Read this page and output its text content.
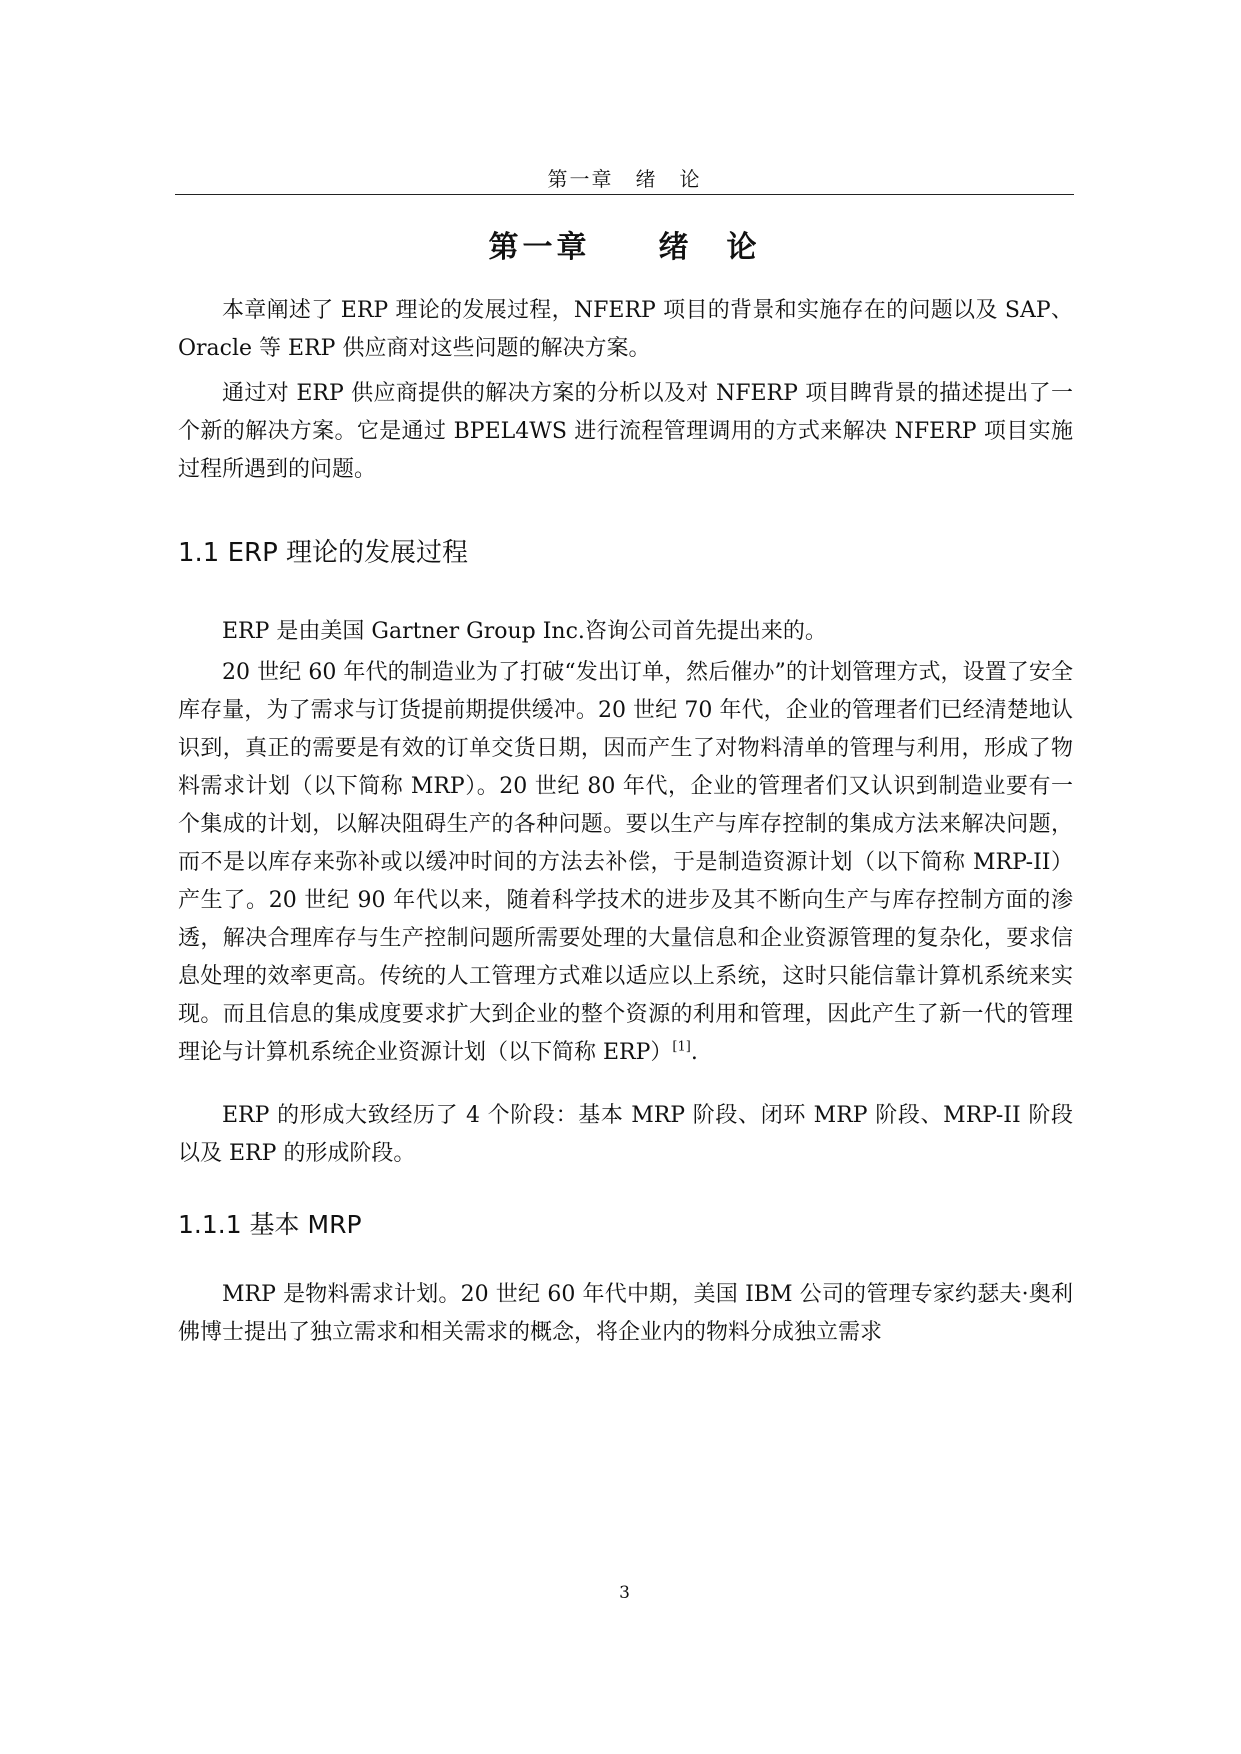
第一章　绪　论
第一章　　绪　论

本章阐述了 ERP 理论的发展过程，NFERP 项目的背景和实施存在的问题以及 SAP、Oracle 等 ERP 供应商对这些问题的解决方案。

通过对 ERP 供应商提供的解决方案的分析以及对 NFERP 项目睥背景的描述提出了一个新的解决方案。它是通过 BPEL4WS 进行流程管理调用的方式来解决 NFERP 项目实施过程所遇到的问题。

1.1 ERP 理论的发展过程

ERP 是由美国 Gartner Group Inc.咨询公司首先提出来的。

20 世纪 60 年代的制造业为了打破“发出订单，然后催办”的计划管理方式，设置了安全库存量，为了需求与订货提前期提供缓冲。20 世纪 70 年代，企业的管理者们已经清楚地认识到，真正的需要是有效的订单交货日期，因而产生了对物料清单的管理与利用，形成了物料需求计划（以下简称 MRP）。20 世纪 80 年代，企业的管理者们又认识到制造业要有一个集成的计划，以解决阻碍生产的各种问题。要以生产与库存控制的集成方法来解决问题，而不是以库存来弥补或以缓冲时间的方法去补偿，于是制造资源计划（以下简称 MRP-II）产生了。20 世纪 90 年代以来，随着科学技术的进步及其不断向生产与库存控制方面的渗透，解决合理库存与生产控制问题所需要处理的大量信息和企业资源管理的复杂化，要求信息处理的效率更高。传统的人工管理方式难以适应以上系统，这时只能信靠计算机系统来实现。而且信息的集成度要求扩大到企业的整个资源的利用和管理，因此产生了新一代的管理理论与计算机系统企业资源计划（以下简称 ERP）[1].

ERP 的形成大致经历了 4 个阶段：基本 MRP 阶段、闭环 MRP 阶段、MRP-II 阶段以及 ERP 的形成阶段。

1.1.1 基本 MRP

MRP 是物料需求计划。20 世纪 60 年代中期，美国 IBM 公司的管理专家约瑟夫·奥利佛博士提出了独立需求和相关需求的概念，将企业内的物料分成独立需求

3
